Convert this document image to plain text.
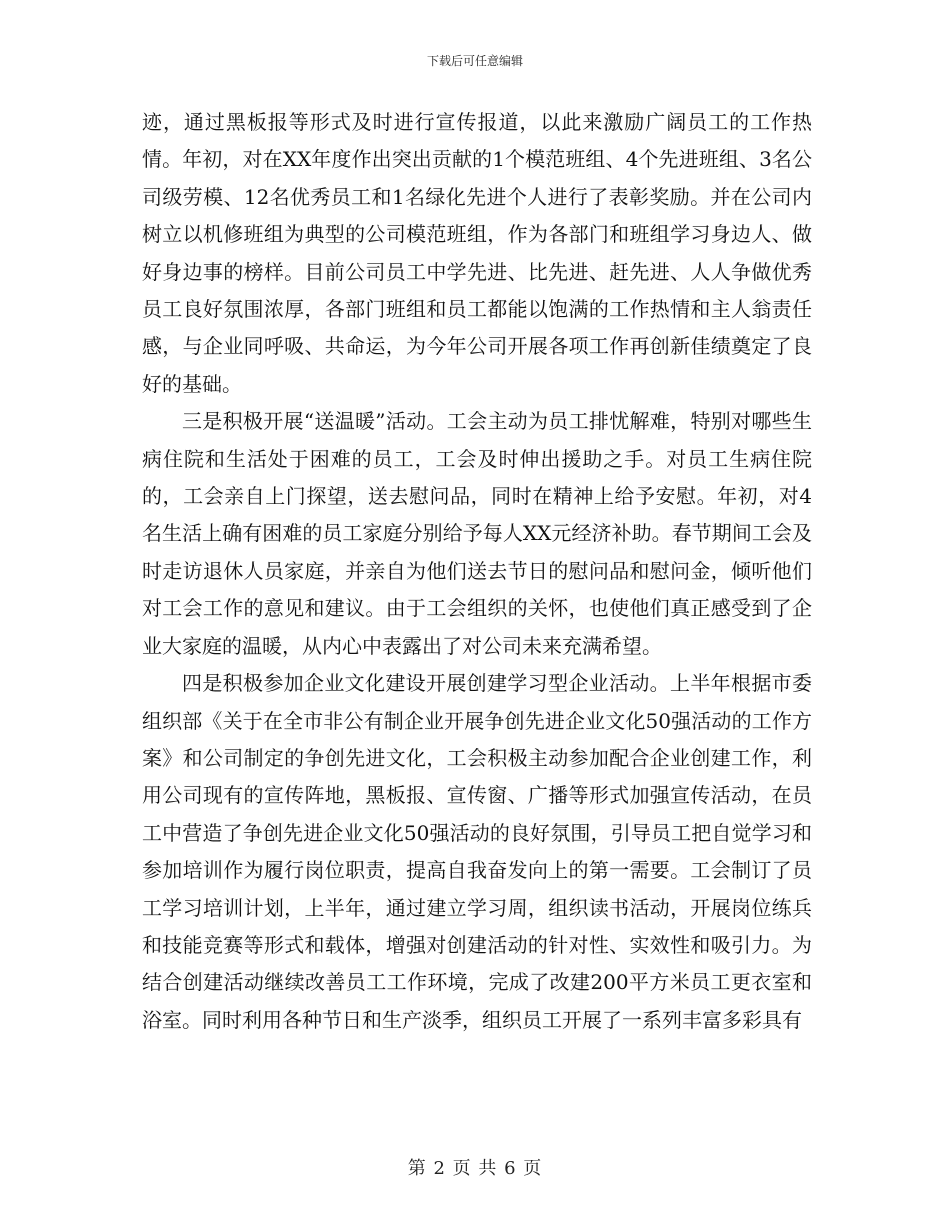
下载后可任意编辑

迹，通过黑板报等形式及时进行宣传报道，以此来激励广阔员工的工作热情。年初，对在XX年度作出突出贡献的1个模范班组、4个先进班组、3名公司级劳模、12名优秀员工和1名绿化先进个人进行了表彰奖励。并在公司内树立以机修班组为典型的公司模范班组，作为各部门和班组学习身边人、做好身边事的榜样。目前公司员工中学先进、比先进、赶先进、人人争做优秀员工良好氛围浓厚，各部门班组和员工都能以饱满的工作热情和主人翁责任感，与企业同呼吸、共命运，为今年公司开展各项工作再创新佳绩奠定了良好的基础。

三是积极开展“送温暖”活动。工会主动为员工排忧解难，特别对哪些生病住院和生活处于困难的员工，工会及时伸出援助之手。对员工生病住院的，工会亲自上门探望，送去慰问品，同时在精神上给予安慰。年初，对4名生活上确有困难的员工家庭分别给予每人XX元经济补助。春节期间工会及时走访退休人员家庭，并亲自为他们送去节日的慰问品和慰问金，倾听他们对工会工作的意见和建议。由于工会组织的关怀，也使他们真正感受到了企业大家庭的温暖，从内心中表露出了对公司未来充满希望。

四是积极参加企业文化建设开展创建学习型企业活动。上半年根据市委组织部《关于在全市非公有制企业开展争创先进企业文化50强活动的工作方案》和公司制定的争创先进文化，工会积极主动参加配合企业创建工作，利用公司现有的宣传阵地，黑板报、宣传窗、广播等形式加强宣传活动，在员工中营造了争创先进企业文化50强活动的良好氛围，引导员工把自觉学习和参加培训作为履行岗位职责，提高自我奋发向上的第一需要。工会制订了员工学习培训计划，上半年，通过建立学习周，组织读书活动，开展岗位练兵和技能竞赛等形式和载体，增强对创建活动的针对性、实效性和吸引力。为结合创建活动继续改善员工工作环境，完成了改建200平方米员工更衣室和浴室。同时利用各种节日和生产淡季，组织员工开展了一系列丰富多彩具有

第 2 页 共 6 页
